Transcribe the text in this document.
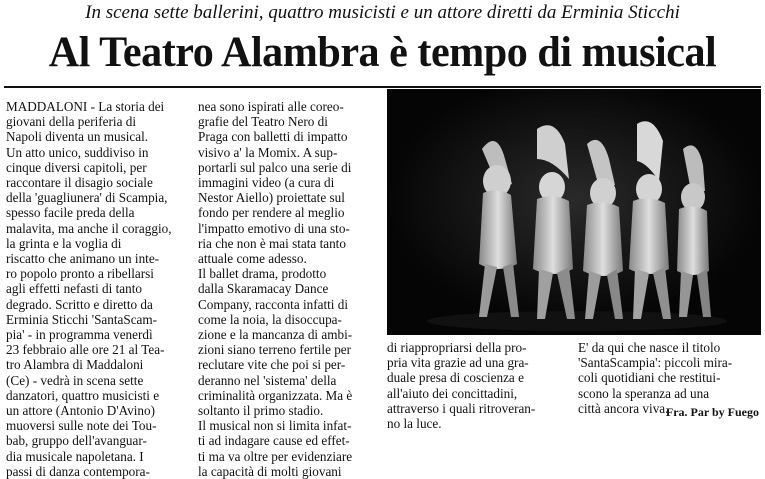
In scena sette ballerini, quattro musicisti e un attore diretti da Erminia Sticchi
Al Teatro Alambra è tempo di musical
MADDALONI - La storia dei
giovani della periferia di
Napoli diventa un musical.
Un atto unico, suddiviso in
cinque diversi capitoli, per
raccontare il disagio sociale
della 'guagliunera' di Scampia,
spesso facile preda della
malavita, ma anche il coraggio,
la grinta e la voglia di
riscatto che animano un inte-
ro popolo pronto a ribellarsi
agli effetti nefasti di tanto
degrado. Scritto e diretto da
Erminia Sticchi 'SantaScam-
pia' - in programma venerdì
23 febbraio alle ore 21 al Tea-
tro Alambra di Maddaloni
(Ce) - vedrà in scena sette
danzatori, quattro musicisti e
un attore (Antonio D'Avino)
muoversi sulle note dei Tou-
bab, gruppo dell'avanguar-
dia musicale napoletana. I
passi di danza contempora-
nea sono ispirati alle coreo-
grafie del Teatro Nero di
Praga con balletti di impatto
visivo a' la Momix. A sup-
portarli sul palco una serie di
immagini video (a cura di
Nestor Aiello) proiettate sul
fondo per rendere al meglio
l'impatto emotivo di una sto-
ria che non è mai stata tanto
attuale come adesso.
Il ballet drama, prodotto
dalla Skaramacay Dance
Company, racconta infatti di
come la noia, la disoccupa-
zione e la mancanza di ambi-
zioni siano terreno fertile per
reclutare vite che poi si per-
deranno nel 'sistema' della
criminalità organizzata. Ma è
soltanto il primo stadio.
Il musical non si limita infat-
ti ad indagare cause ed effet-
ti ma va oltre per evidenziare
la capacità di molti giovani
di riappropriarsi della pro-
pria vita grazie ad una gra-
duale presa di coscienza e
all'aiuto dei concittadini,
attraverso i quali ritroveran-
no la luce.
E' da qui che nasce il titolo
'SantaScampia': piccoli mira-
coli quotidiani che restitui-
scono la speranza ad una
città ancora viva.
Fra. Par by Fuego
